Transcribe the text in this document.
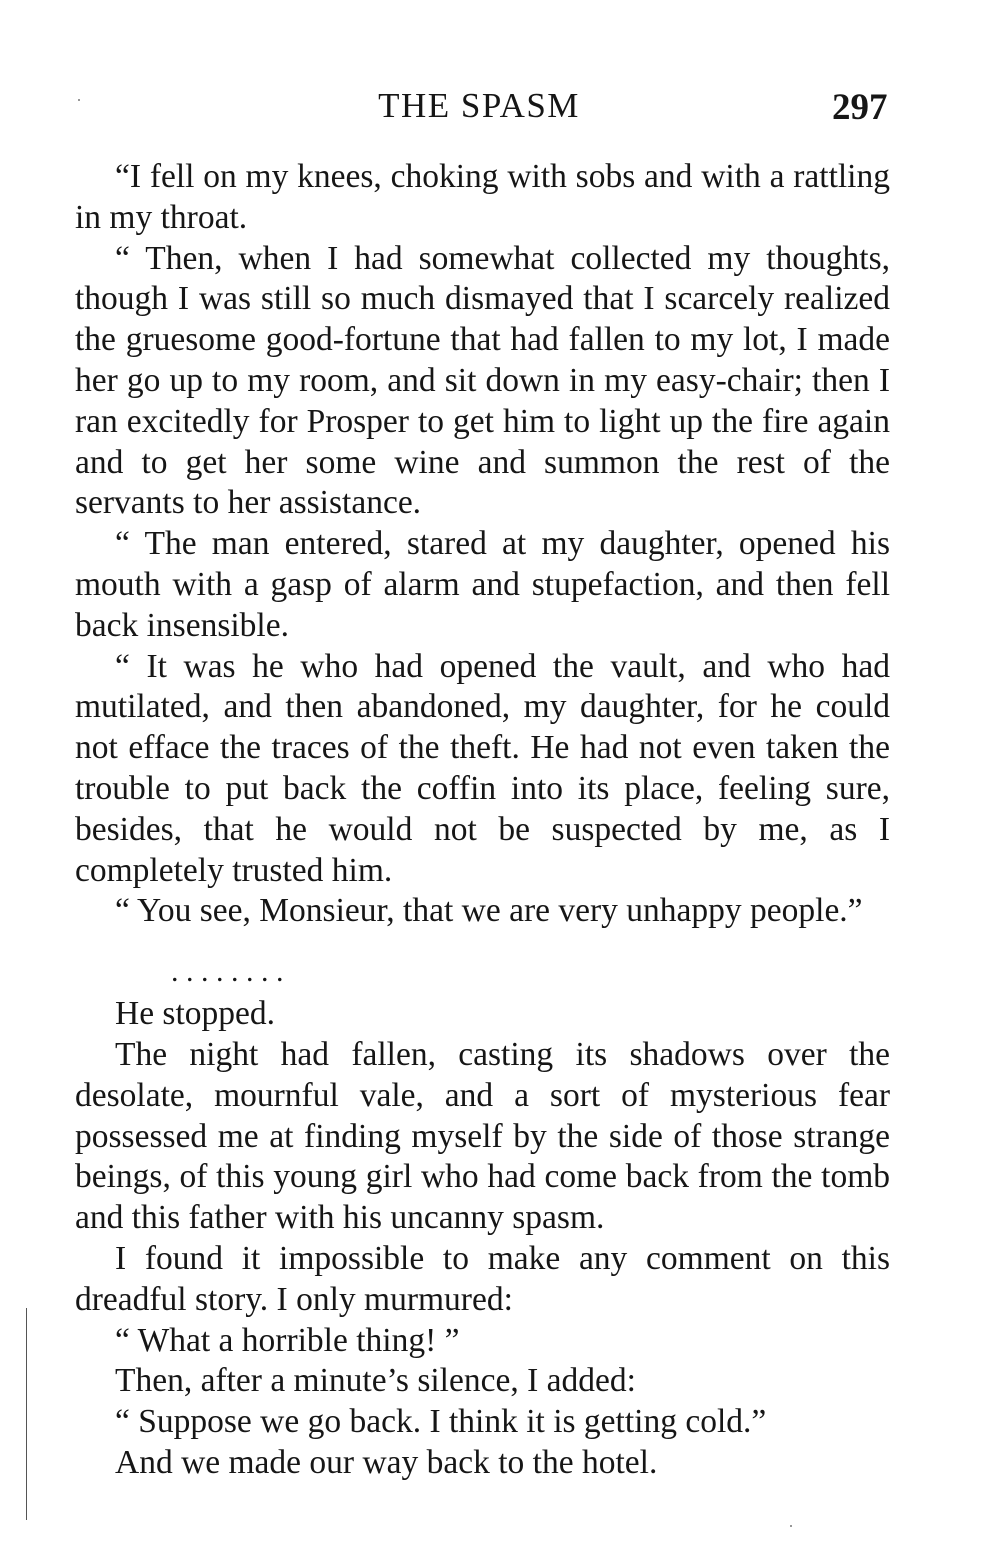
THE SPASM	297

“I fell on my knees, choking with sobs and with a rattling in my throat.

“ Then, when I had somewhat collected my thoughts, though I was still so much dismayed that I scarcely realized the gruesome good-fortune that had fallen to my lot, I made her go up to my room, and sit down in my easy-chair; then I ran excitedly for Prosper to get him to light up the fire again and to get her some wine and summon the rest of the servants to her assistance.

“ The man entered, stared at my daughter, opened his mouth with a gasp of alarm and stupefaction, and then fell back insensible.

“ It was he who had opened the vault, and who had mutilated, and then abandoned, my daughter, for he could not efface the traces of the theft. He had not even taken the trouble to put back the coffin into its place, feeling sure, besides, that he would not be suspected by me, as I completely trusted him.

“ You see, Monsieur, that we are very unhappy people.”

. . . . . . . .

He stopped.

The night had fallen, casting its shadows over the desolate, mournful vale, and a sort of mysterious fear possessed me at finding myself by the side of those strange beings, of this young girl who had come back from the tomb and this father with his uncanny spasm.

I found it impossible to make any comment on this dreadful story. I only murmured:

“ What a horrible thing! ”

Then, after a minute’s silence, I added:

“ Suppose we go back. I think it is getting cold.”

And we made our way back to the hotel.
